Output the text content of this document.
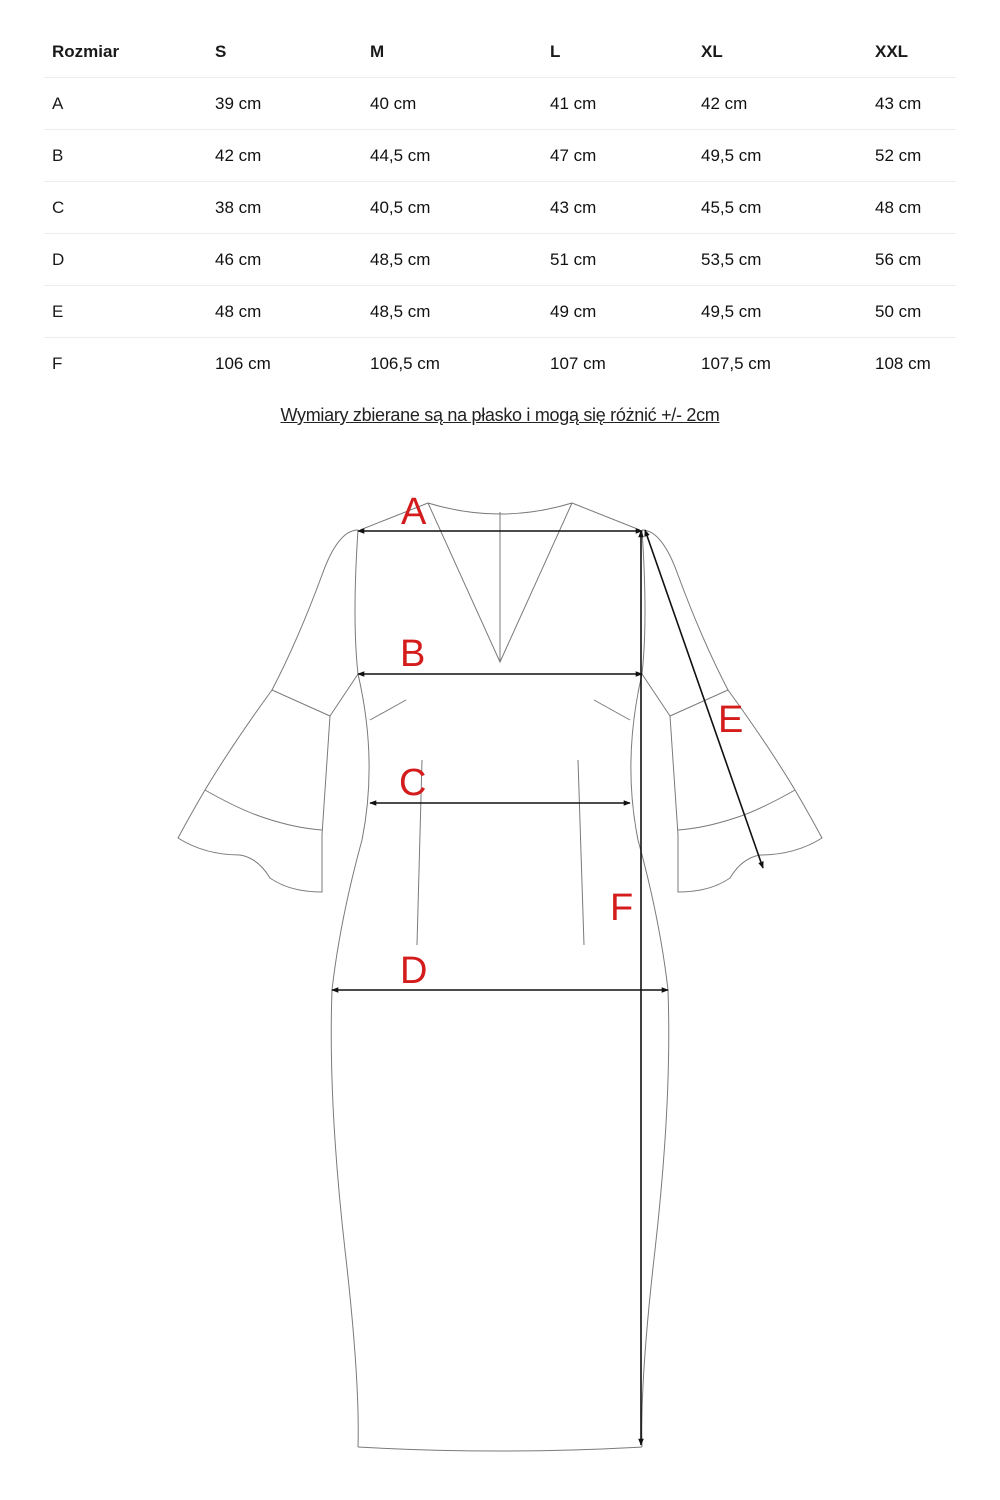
Rozmiar	S	M	L	XL	XXL
A	39 cm	40 cm	41 cm	42 cm	43 cm
B	42 cm	44,5 cm	47 cm	49,5 cm	52 cm
C	38 cm	40,5 cm	43 cm	45,5 cm	48 cm
D	46 cm	48,5 cm	51 cm	53,5 cm	56 cm
E	48 cm	48,5 cm	49 cm	49,5 cm	50 cm
F	106 cm	106,5 cm	107 cm	107,5 cm	108 cm
Wymiary zbierane są na płasko i mogą się różnić +/- 2cm
A
B
C
D
E
F
